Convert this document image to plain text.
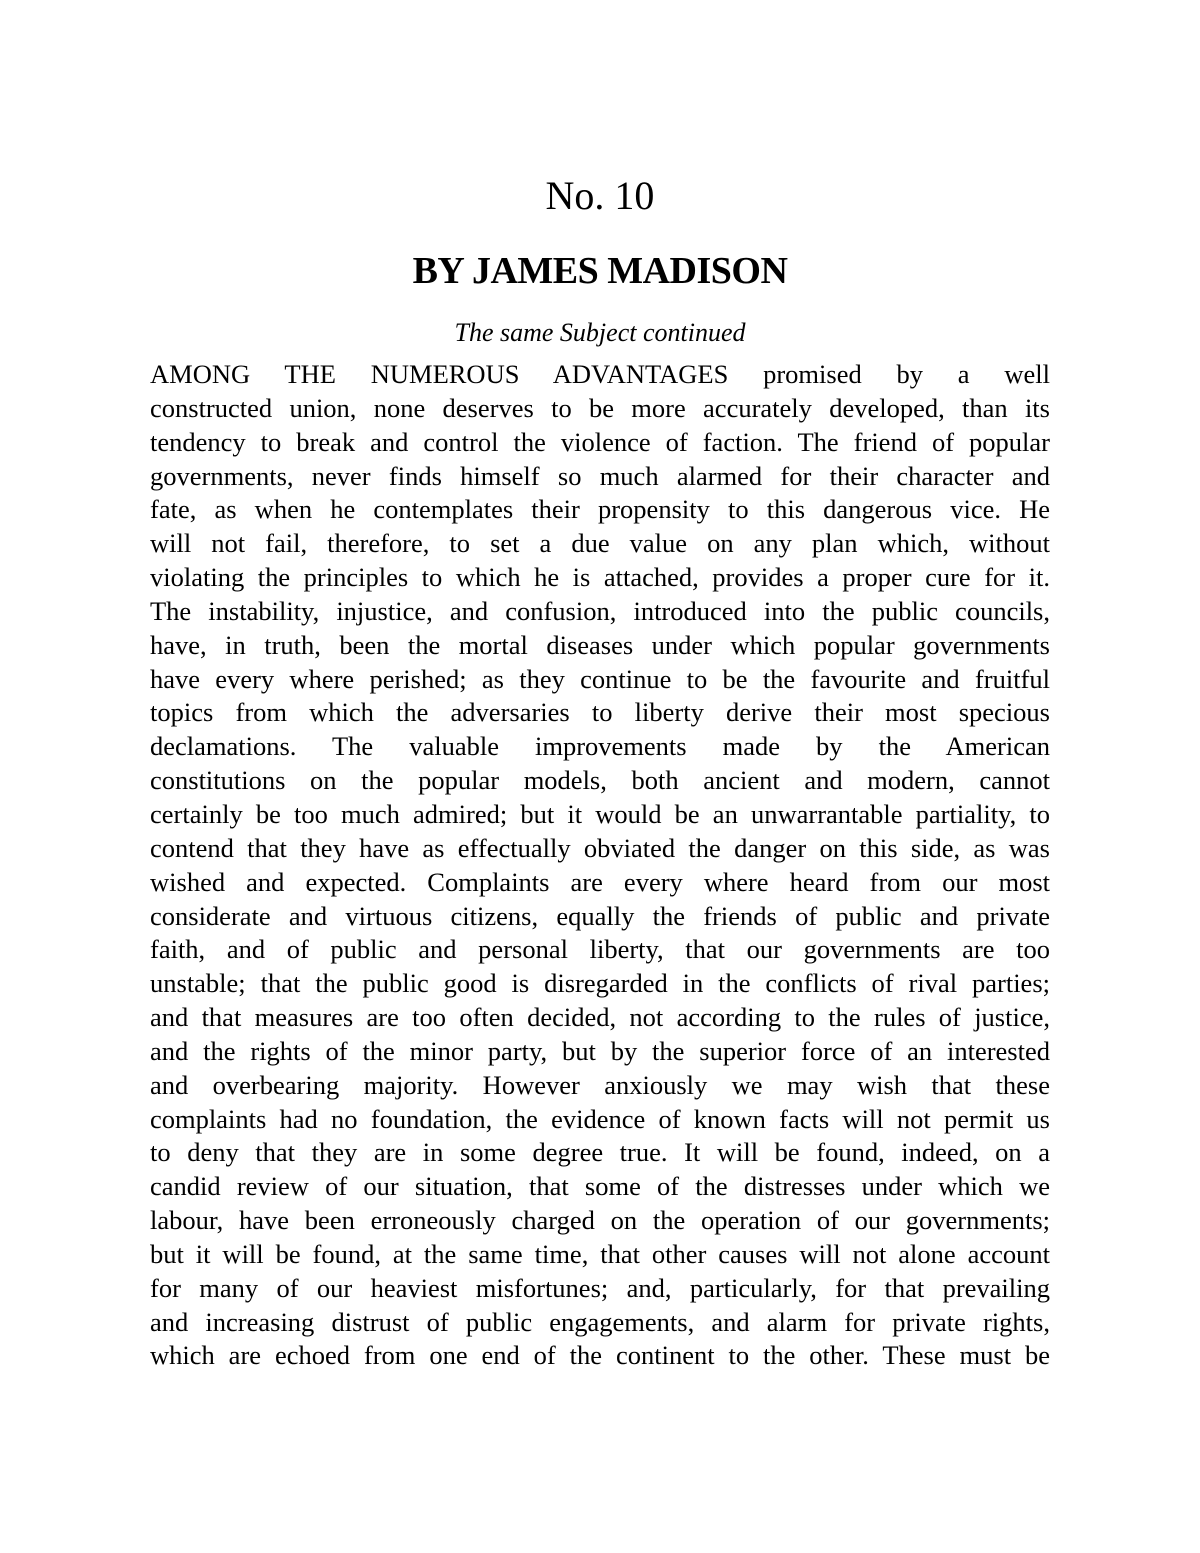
No. 10
BY JAMES MADISON

The same Subject continued

AMONG THE NUMEROUS ADVANTAGES promised by a well
constructed union, none deserves to be more accurately developed, than its
tendency to break and control the violence of faction. The friend of popular
governments, never finds himself so much alarmed for their character and
fate, as when he contemplates their propensity to this dangerous vice. He
will not fail, therefore, to set a due value on any plan which, without
violating the principles to which he is attached, provides a proper cure for it.
The instability, injustice, and confusion, introduced into the public councils,
have, in truth, been the mortal diseases under which popular governments
have every where perished; as they continue to be the favourite and fruitful
topics from which the adversaries to liberty derive their most specious
declamations. The valuable improvements made by the American
constitutions on the popular models, both ancient and modern, cannot
certainly be too much admired; but it would be an unwarrantable partiality, to
contend that they have as effectually obviated the danger on this side, as was
wished and expected. Complaints are every where heard from our most
considerate and virtuous citizens, equally the friends of public and private
faith, and of public and personal liberty, that our governments are too
unstable; that the public good is disregarded in the conflicts of rival parties;
and that measures are too often decided, not according to the rules of justice,
and the rights of the minor party, but by the superior force of an interested
and overbearing majority. However anxiously we may wish that these
complaints had no foundation, the evidence of known facts will not permit us
to deny that they are in some degree true. It will be found, indeed, on a
candid review of our situation, that some of the distresses under which we
labour, have been erroneously charged on the operation of our governments;
but it will be found, at the same time, that other causes will not alone account
for many of our heaviest misfortunes; and, particularly, for that prevailing
and increasing distrust of public engagements, and alarm for private rights,
which are echoed from one end of the continent to the other. These must be
